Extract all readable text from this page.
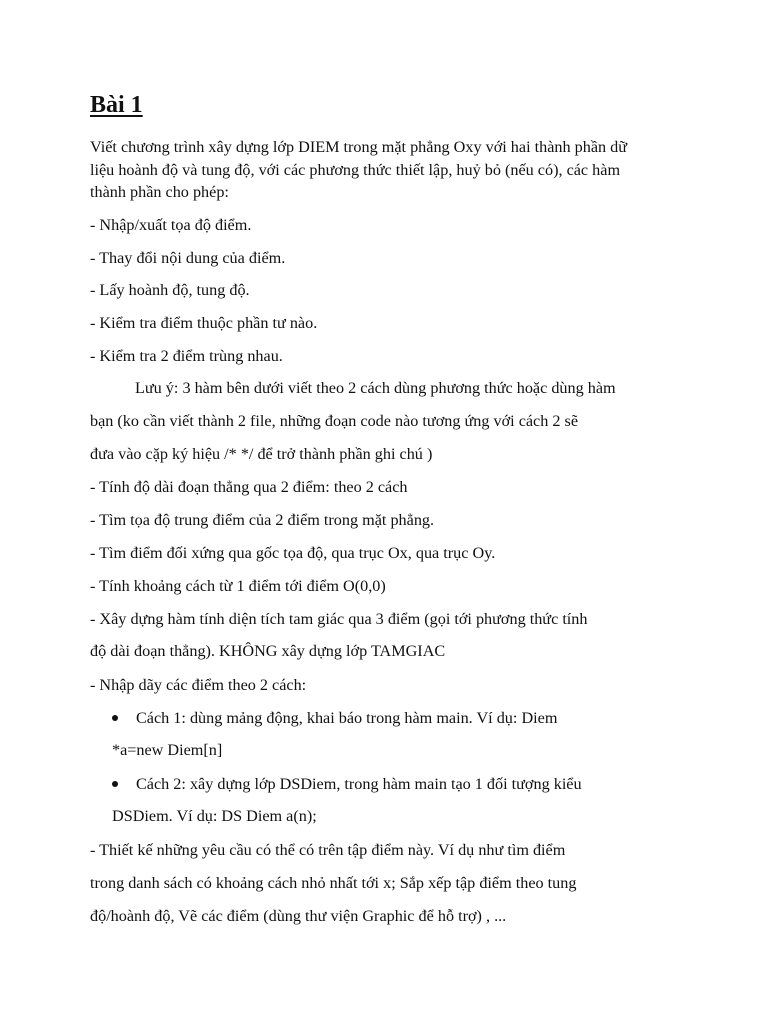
Bài 1
Viết chương trình xây dựng lớp DIEM trong mặt phẳng Oxy với hai thành phần dữ
liệu hoành độ và tung độ, với các phương thức thiết lập, huỷ bỏ (nếu có), các hàm
thành phần cho phép:
- Nhập/xuất tọa độ điểm.
- Thay đổi nội dung của điểm.
- Lấy hoành độ, tung độ.
- Kiểm tra điểm thuộc phần tư nào.
- Kiểm tra 2 điểm trùng nhau.
Lưu ý: 3 hàm bên dưới viết theo 2 cách dùng phương thức hoặc dùng hàm
bạn (ko cần viết thành 2 file, những đoạn code nào tương ứng với cách 2 sẽ
đưa vào cặp ký hiệu /* */ để trở thành phần ghi chú )
- Tính độ dài đoạn thẳng qua 2 điểm: theo 2 cách
- Tìm tọa độ trung điểm của 2 điểm trong mặt phẳng.
- Tìm điểm đối xứng qua gốc tọa độ, qua trục Ox, qua trục Oy.
- Tính khoảng cách từ 1 điểm tới điểm O(0,0)
- Xây dựng hàm tính diện tích tam giác qua 3 điểm (gọi tới phương thức tính
độ dài đoạn thẳng). KHÔNG xây dựng lớp TAMGIAC
- Nhập dãy các điểm theo 2 cách:
Cách 1: dùng mảng động, khai báo trong hàm main. Ví dụ: Diem
*a=new Diem[n]
Cách 2: xây dựng lớp DSDiem, trong hàm main tạo 1 đối tượng kiểu
DSDiem. Ví dụ: DS Diem a(n);
- Thiết kế những yêu cầu có thể có trên tập điểm này. Ví dụ như tìm điểm
trong danh sách có khoảng cách nhỏ nhất tới x; Sắp xếp tập điểm theo tung
độ/hoành độ, Vẽ các điểm (dùng thư viện Graphic để hỗ trợ) , ...
